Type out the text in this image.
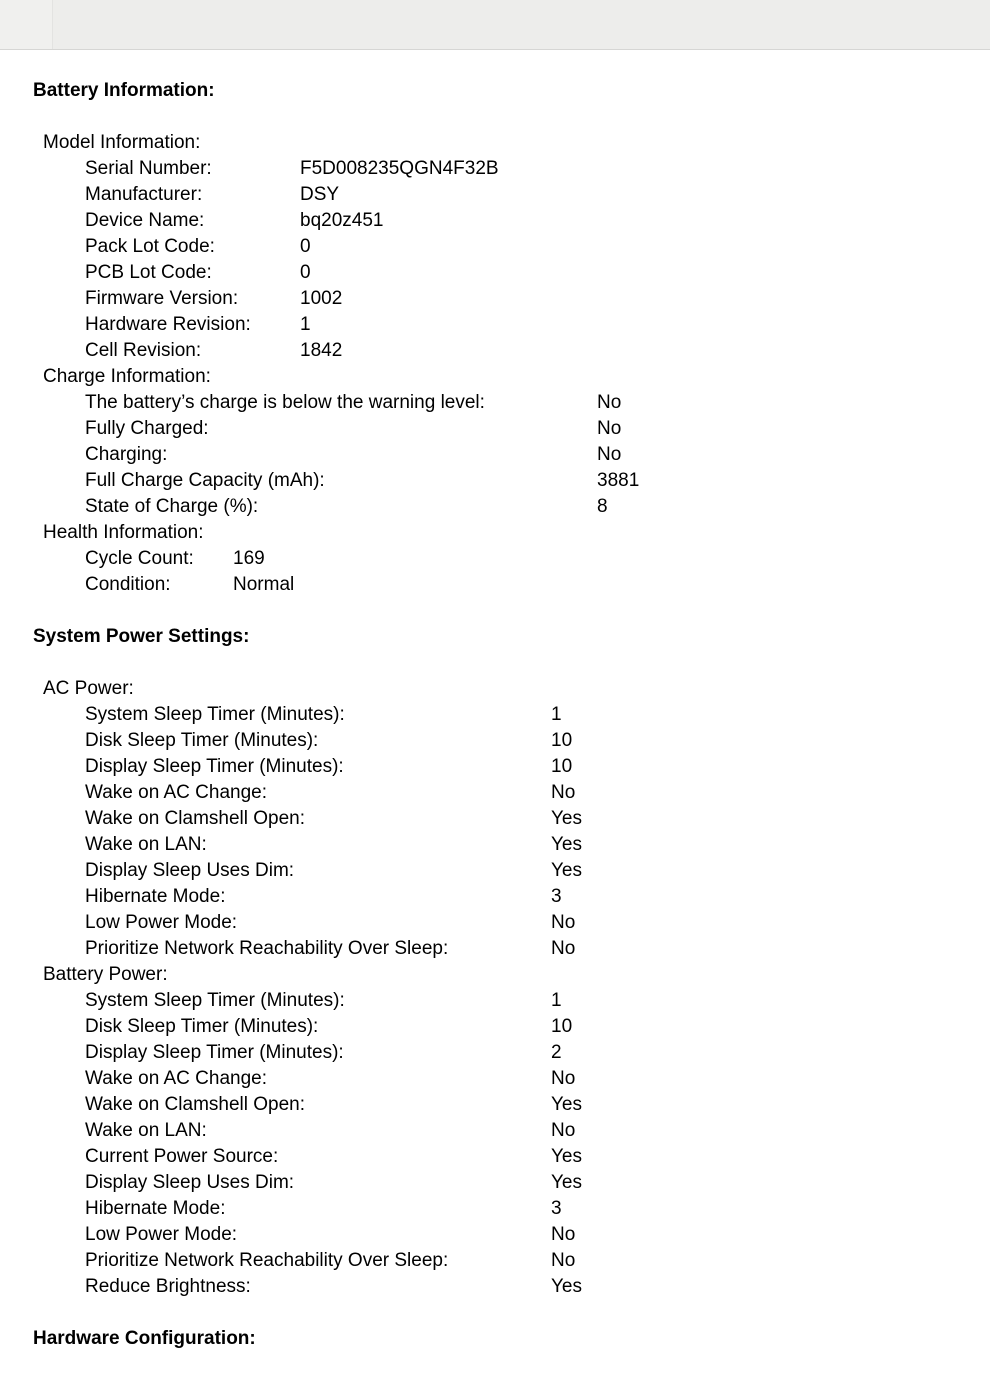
Battery Information:
Model Information:
Serial Number:	F5D008235QGN4F32B
Manufacturer:	DSY
Device Name:	bq20z451
Pack Lot Code:	0
PCB Lot Code:	0
Firmware Version:	1002
Hardware Revision:	1
Cell Revision:	1842
Charge Information:
The battery’s charge is below the warning level:	No
Fully Charged:	No
Charging:	No
Full Charge Capacity (mAh):	3881
State of Charge (%):	8
Health Information:
Cycle Count: 169
Condition:	Normal
System Power Settings:
AC Power:
System Sleep Timer (Minutes):	1
Disk Sleep Timer (Minutes):	10
Display Sleep Timer (Minutes):	10
Wake on AC Change:	No
Wake on Clamshell Open:	Yes
Wake on LAN:	Yes
Display Sleep Uses Dim:	Yes
Hibernate Mode:	3
Low Power Mode:	No
Prioritize Network Reachability Over Sleep:	No
Battery Power:
System Sleep Timer (Minutes):	1
Disk Sleep Timer (Minutes):	10
Display Sleep Timer (Minutes):	2
Wake on AC Change:	No
Wake on Clamshell Open:	Yes
Wake on LAN:	No
Current Power Source:	Yes
Display Sleep Uses Dim:	Yes
Hibernate Mode:	3
Low Power Mode:	No
Prioritize Network Reachability Over Sleep:	No
Reduce Brightness:	Yes
Hardware Configuration:
